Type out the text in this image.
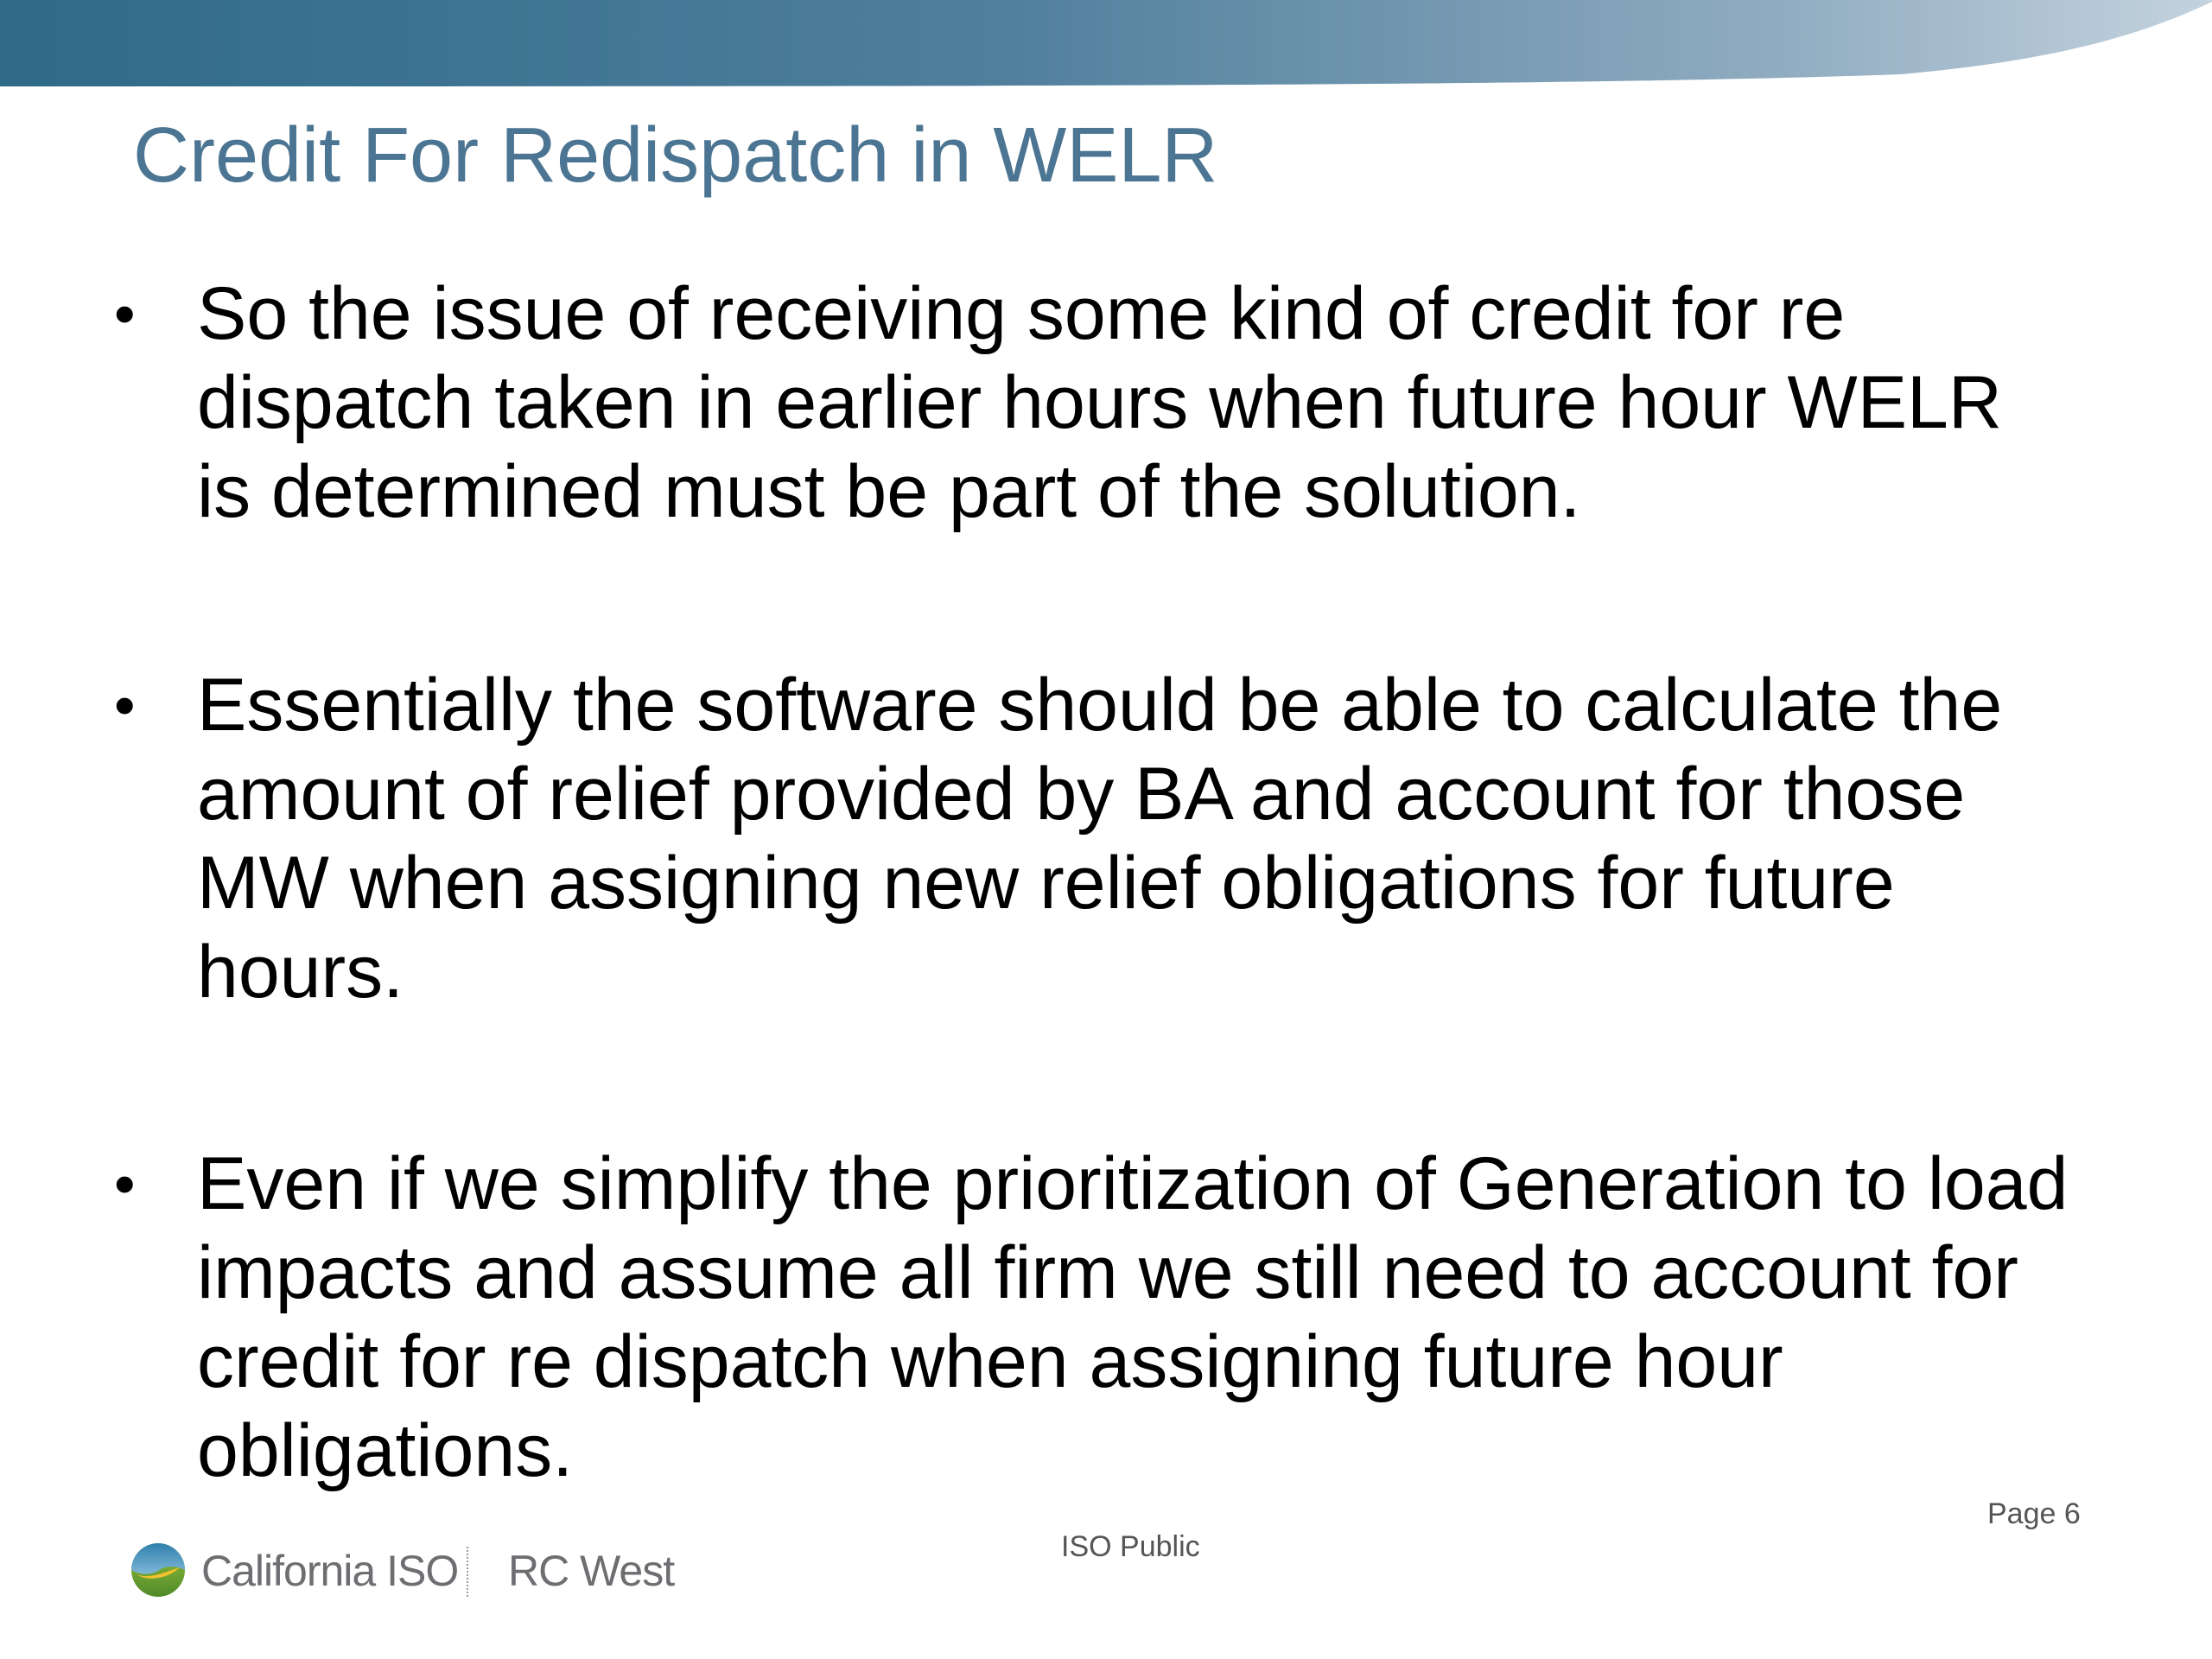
Credit For Redispatch in WELR
• So the issue of receiving some kind of credit for re
dispatch taken in earlier hours when future hour WELR
is determined must be part of the solution.
• Essentially the software should be able to calculate the
amount of relief provided by BA and account for those
MW when assigning new relief obligations for future
hours.
• Even if we simplify the prioritization of Generation to load
impacts and assume all firm we still need to account for
credit for re dispatch when assigning future hour
obligations.
California ISO RC West	ISO Public
Page 6
